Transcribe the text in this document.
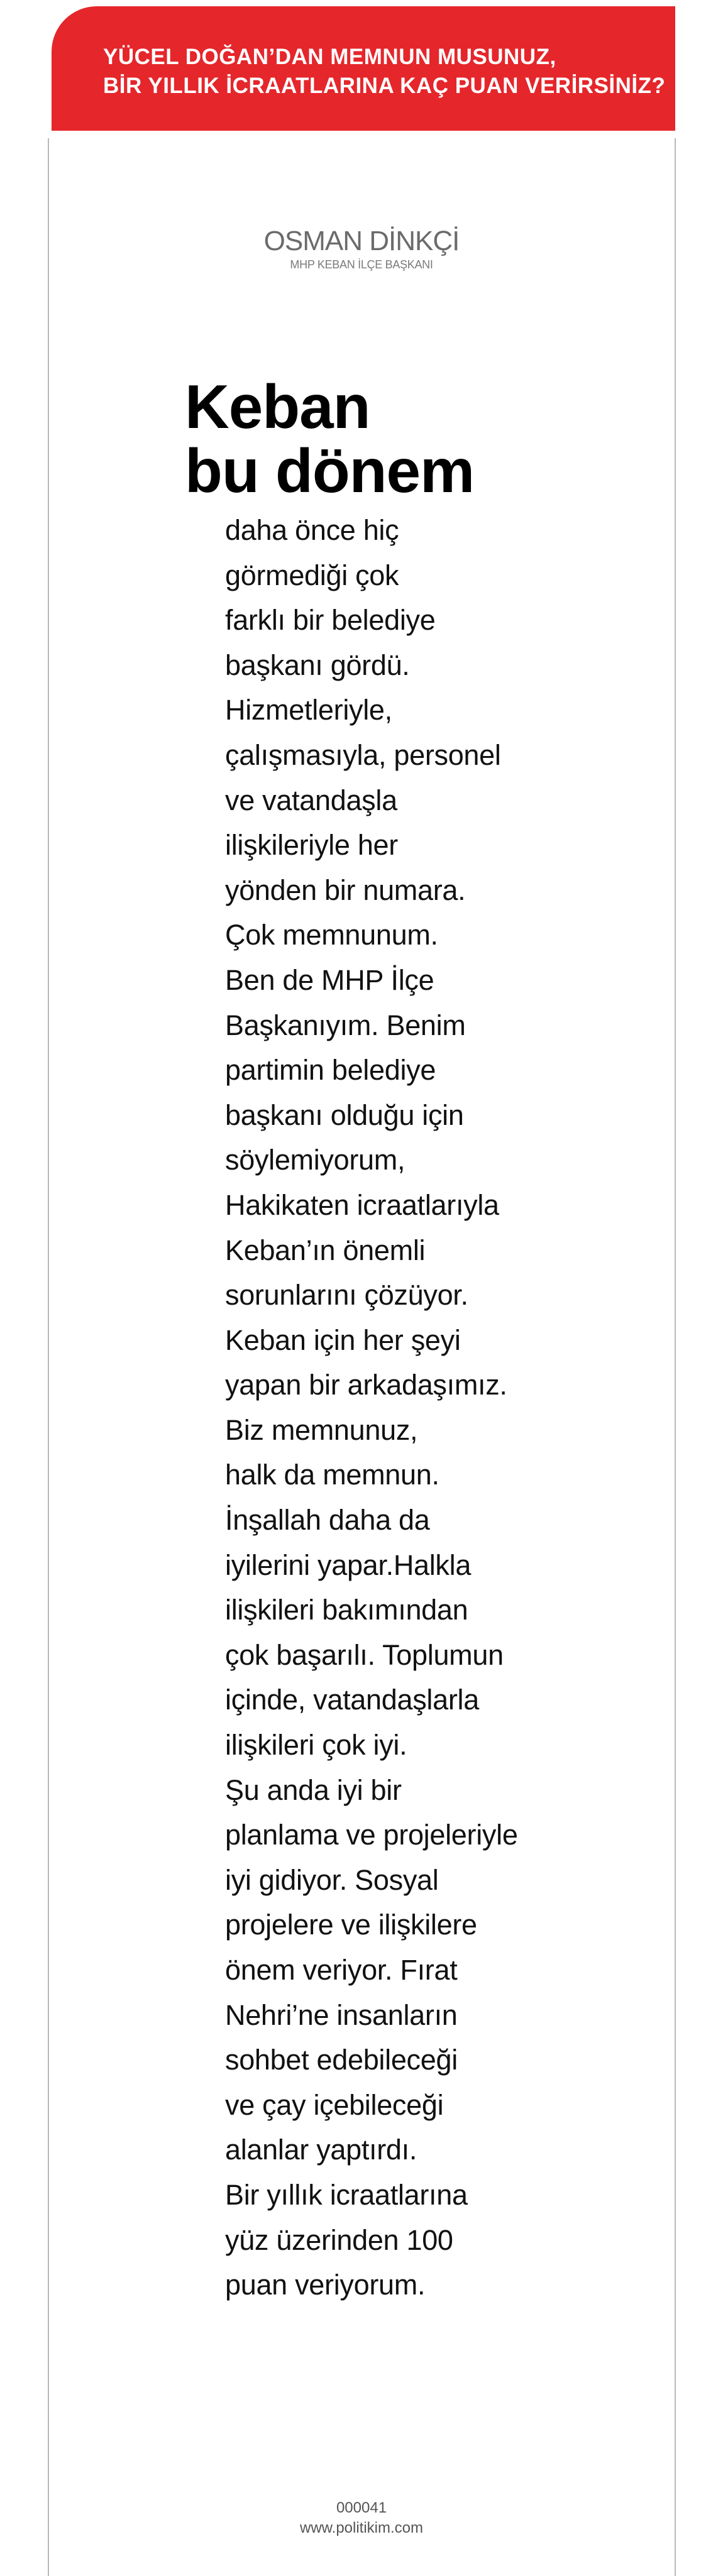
YÜCEL DOĞAN’DAN MEMNUN MUSUNUZ,
BİR YILLIK İCRAATLARINA KAÇ PUAN VERİRSİNİZ?
OSMAN DİNKÇİ
MHP KEBAN İLÇE BAŞKANI
Keban
bu dönem
daha önce hiç
görmediği çok
farklı bir belediye
başkanı gördü.
Hizmetleriyle,
çalışmasıyla, personel
ve vatandaşla
ilişkileriyle her
yönden bir numara.
Çok memnunum.
Ben de MHP İlçe
Başkanıyım. Benim
partimin belediye
başkanı olduğu için
söylemiyorum,
Hakikaten icraatlarıyla
Keban’ın önemli
sorunlarını çözüyor.
Keban için her şeyi
yapan bir arkadaşımız.
Biz memnunuz,
halk da memnun.
İnşallah daha da
iyilerini yapar.Halkla
ilişkileri bakımından
çok başarılı. Toplumun
içinde, vatandaşlarla
ilişkileri çok iyi.
Şu anda iyi bir
planlama ve projeleriyle
iyi gidiyor. Sosyal
projelere ve ilişkilere
önem veriyor. Fırat
Nehri’ne insanların
sohbet edebileceği
ve çay içebileceği
alanlar yaptırdı.
Bir yıllık icraatlarına
yüz üzerinden 100
puan veriyorum.
000041
www.politikim.com
